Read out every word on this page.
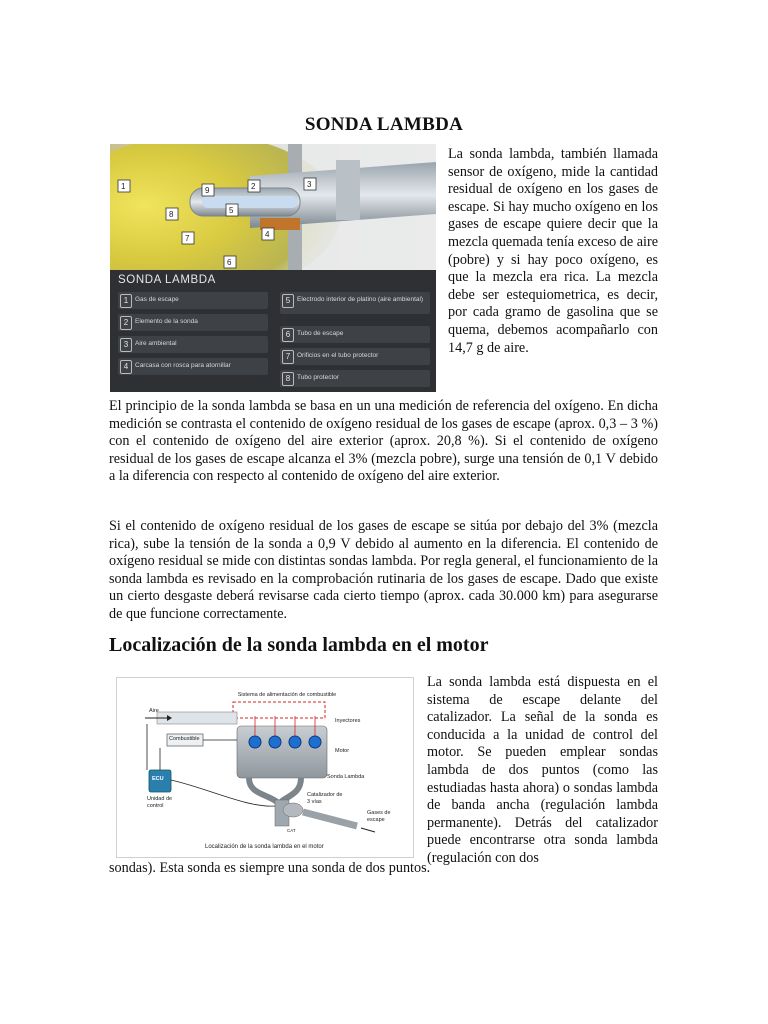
SONDA LAMBDA
1	2	3
4
5
6
7
8
9
SONDA LAMBDA
1	Gas de escape
2	Elemento de la sonda
3	Aire ambiental
4	Carcasa con rosca para atornillar
5	Electrodo interior de platino (aire ambiental)
6	Tubo de escape
7	Orificios en el tubo protector
8	Tubo protector

La sonda lambda, también llamada sensor de oxígeno, mide la cantidad residual de oxígeno en los gases de escape. Si hay mucho oxígeno en los gases de escape quiere decir que la mezcla quemada tenía exceso de aire (pobre) y si hay poco oxígeno, es que la mezcla era rica. La mezcla debe ser estequiometrica, es decir, por cada gramo de gasolina que se quema, debemos acompañarlo con 14,7 g de aire.

El principio de la sonda lambda se basa en un una medición de referencia del oxígeno. En dicha medición se contrasta el contenido de oxígeno residual de los gases de escape (aprox. 0,3 – 3 %) con el contenido de oxígeno del aire exterior (aprox. 20,8 %). Si el contenido de oxígeno residual de los gases de escape alcanza el 3% (mezcla pobre), surge una tensión de 0,1 V debido a la diferencia con respecto al contenido de oxígeno del aire exterior.

Si el contenido de oxígeno residual de los gases de escape se sitúa por debajo del 3% (mezcla rica), sube la tensión de la sonda a 0,9 V debido al aumento en la diferencia. El contenido de oxígeno residual se mide con distintas sondas lambda. Por regla general, el funcionamiento de la sonda lambda es revisado en la comprobación rutinaria de los gases de escape. Dado que existe un cierto desgaste deberá revisarse cada cierto tiempo (aprox. cada 30.000 km) para asegurarse de que funcione correctamente.

Localización de la sonda lambda en el motor
Sistema de alimentación de combustible
Aire
Inyectores
Combustible
Motor
Sonda Lambda
ECU
Unidad de control
Catalizador de 3 vías
CAT
Gases de escape
Localización de la sonda lambda en el motor

La sonda lambda está dispuesta en el sistema de escape delante del catalizador. La señal de la sonda es conducida a la unidad de control del motor. Se pueden emplear sondas lambda de dos puntos (como las estudiadas hasta ahora) o sondas lambda de banda ancha (regulación lambda permanente). Detrás del catalizador puede encontrarse otra sonda lambda (regulación con dos

sondas). Esta sonda es siempre una sonda de dos puntos.
